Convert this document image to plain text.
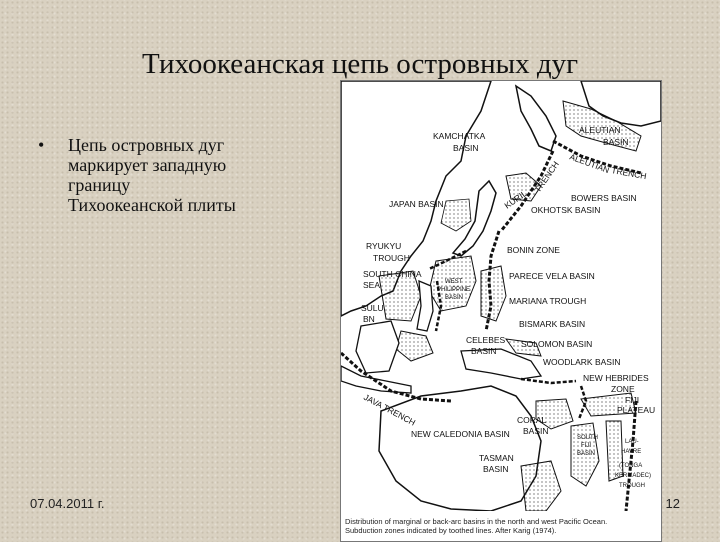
Тихоокеанская цепь островных дуг
•	Цепь островных дуг
маркирует западную
границу
Тихоокеанской плиты
KAMCHATKA
BASIN
ALEUTIAN
BASIN
ALEUTIAN TRENCH
TRENCH
KURIL
JAPAN BASIN
BOWERS BASIN
OKHOTSK BASIN
RYUKYU
TROUGH
BONIN ZONE
SOUTH CHINA
SEA	WEST
PHILIPPINE
BASIN
PARECE VELA BASIN
SULU
BN
MARIANA TROUGH
BISMARK BASIN
CELEBES
BASIN
SOLOMON BASIN
WOODLARK BASIN
NEW HEBRIDES
ZONE
JAVA TRENCH	FIJI
PLATEAU
CORAL
BASIN
NEW CALEDONIA BASIN	SOUTH
FIJI
BASIN
LAU-
HAVRE
(TONGA
KERMADEC)
TROUGH
TASMAN
BASIN
Distribution of marginal or back-arc basins in the north and west Pacific Ocean.
Subduction zones indicated by toothed lines. After Karig (1974).
07.04.2011 г.	12
